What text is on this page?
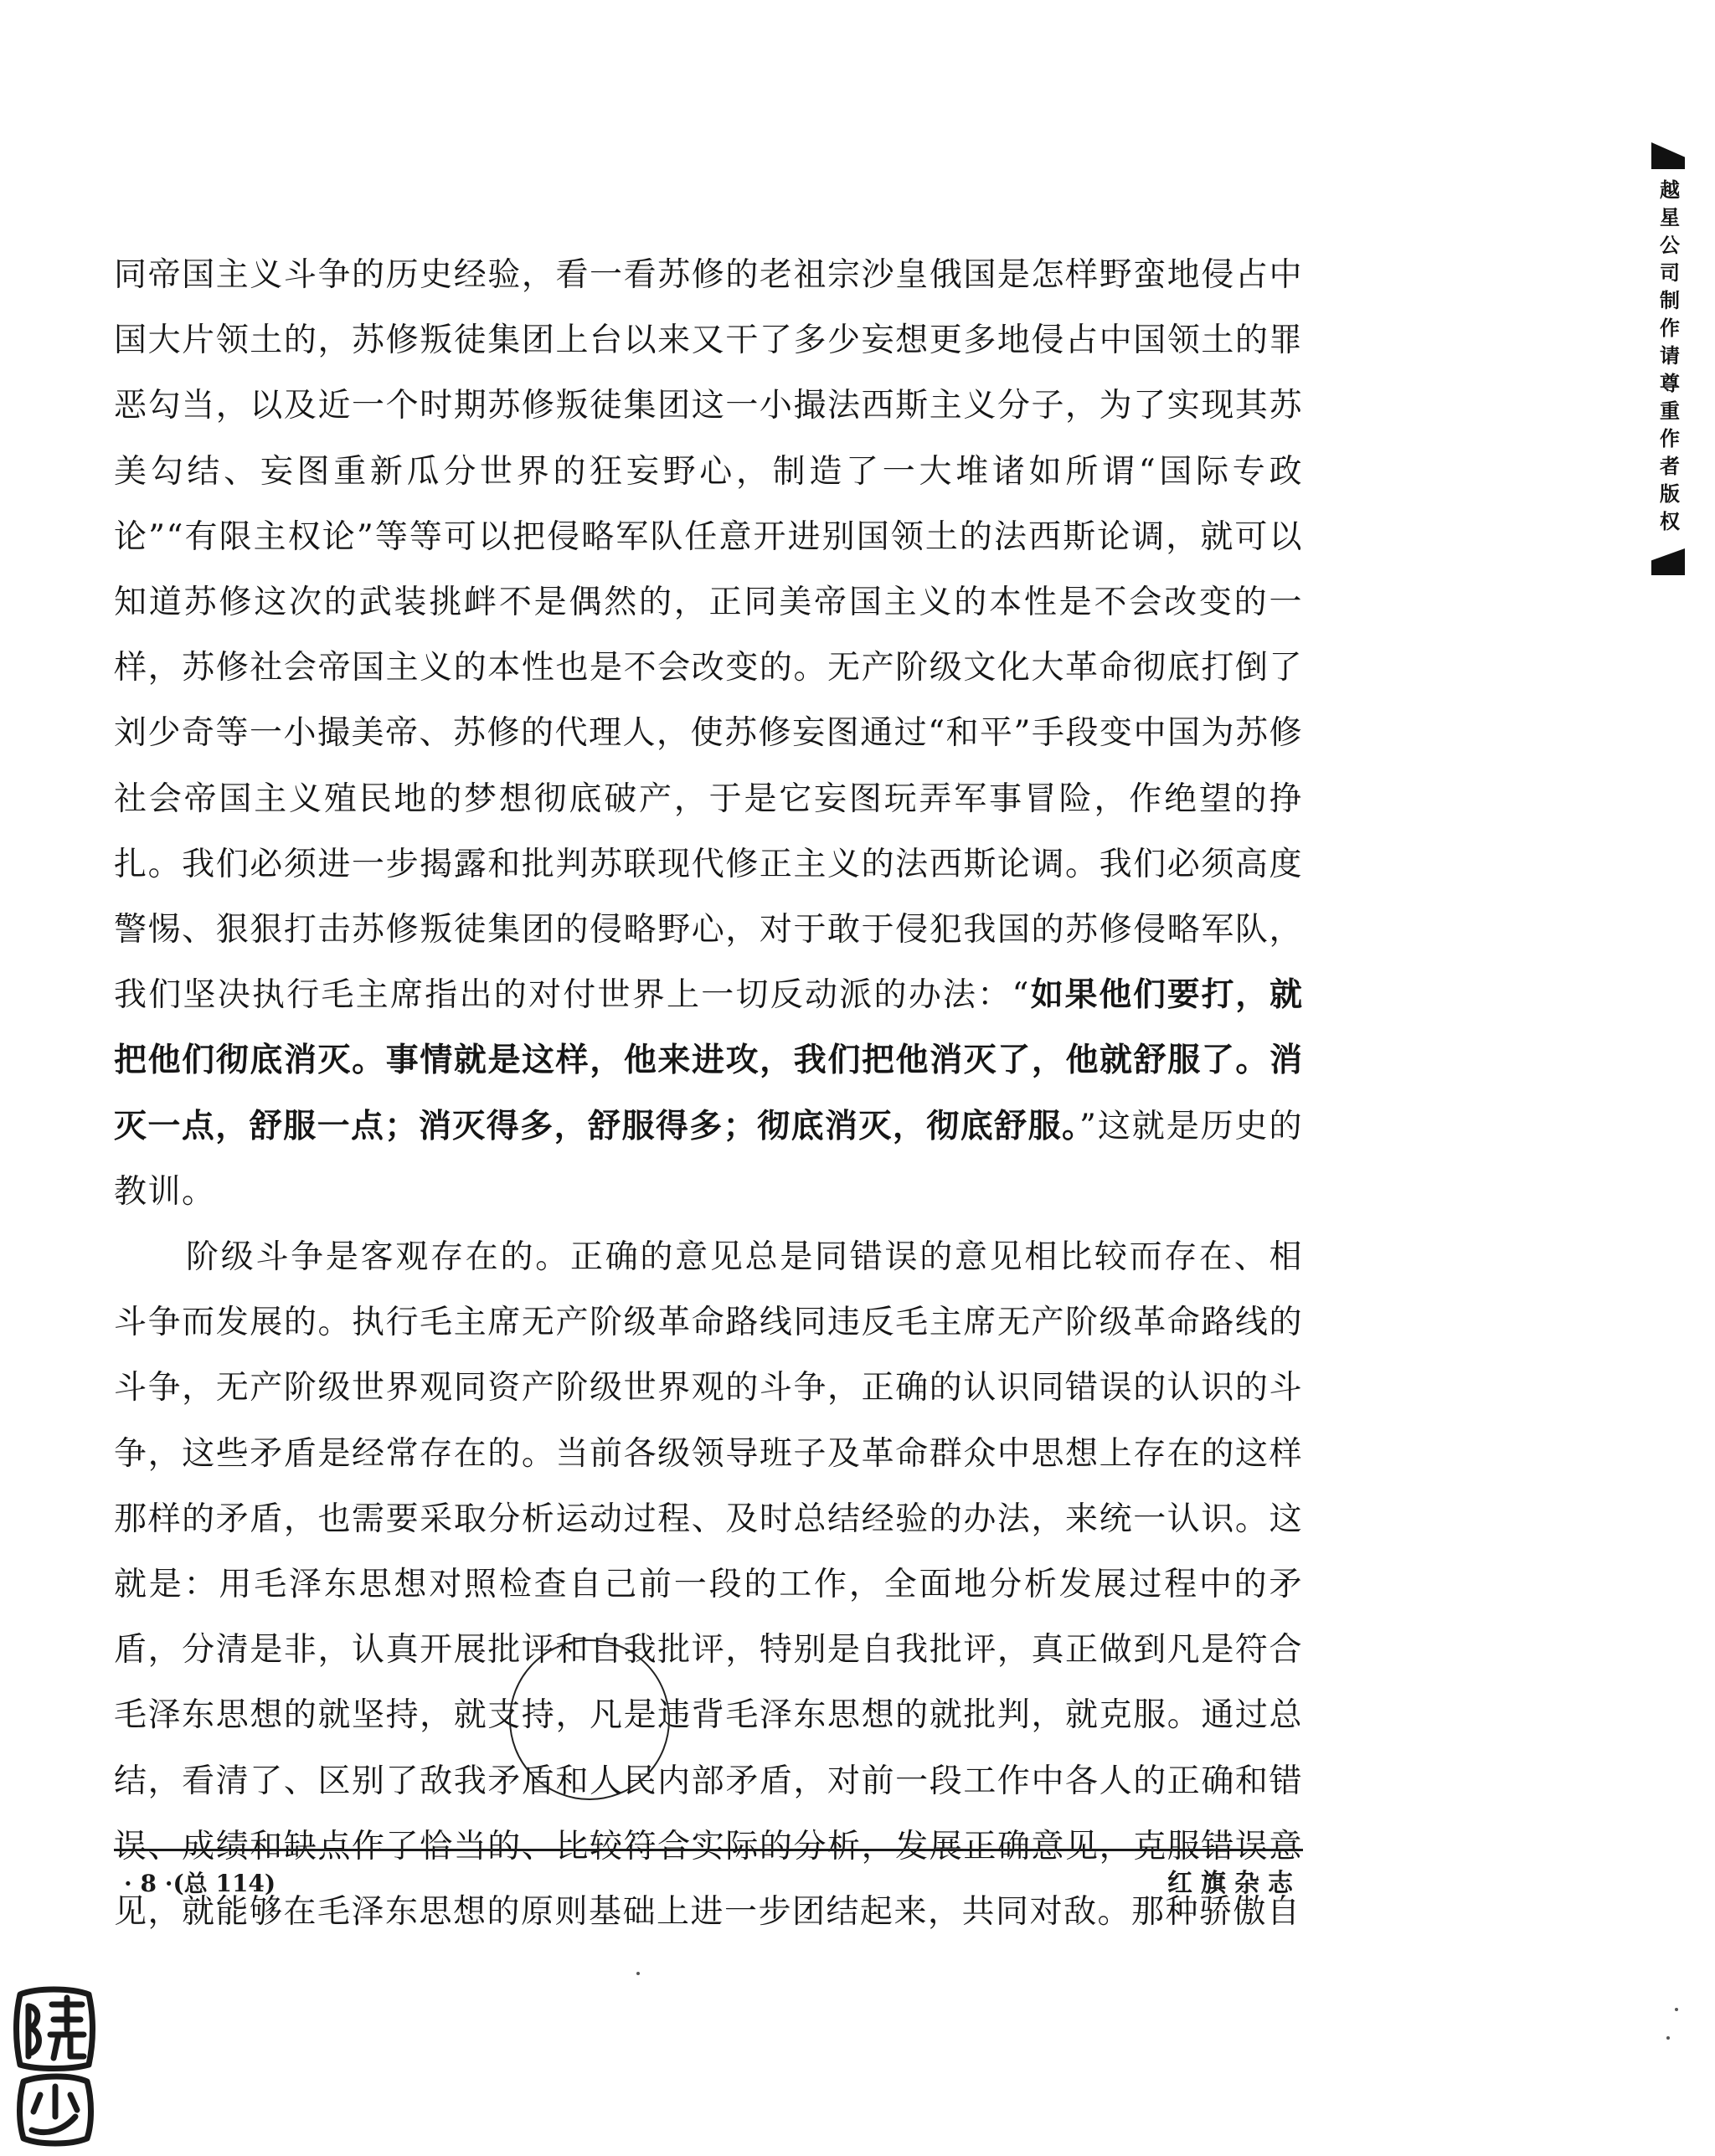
越星公司制作请尊重作者版权

同帝国主义斗争的历史经验，看一看苏修的老祖宗沙皇俄国是怎样野蛮地侵占中国大片领土的，苏修叛徒集团上台以来又干了多少妄想更多地侵占中国领土的罪恶勾当，以及近一个时期苏修叛徒集团这一小撮法西斯主义分子，为了实现其苏美勾结、妄图重新瓜分世界的狂妄野心，制造了一大堆诸如所谓“国际专政论”“有限主权论”等等可以把侵略军队任意开进别国领土的法西斯论调，就可以知道苏修这次的武装挑衅不是偶然的，正同美帝国主义的本性是不会改变的一样，苏修社会帝国主义的本性也是不会改变的。无产阶级文化大革命彻底打倒了刘少奇等一小撮美帝、苏修的代理人，使苏修妄图通过“和平”手段变中国为苏修社会帝国主义殖民地的梦想彻底破产，于是它妄图玩弄军事冒险，作绝望的挣扎。我们必须进一步揭露和批判苏联现代修正主义的法西斯论调。我们必须高度警惕、狠狠打击苏修叛徒集团的侵略野心，对于敢于侵犯我国的苏修侵略军队，我们坚决执行毛主席指出的对付世界上一切反动派的办法：“如果他们要打，就把他们彻底消灭。事情就是这样，他来进攻，我们把他消灭了，他就舒服了。消灭一点，舒服一点；消灭得多，舒服得多；彻底消灭，彻底舒服。”这就是历史的教训。

阶级斗争是客观存在的。正确的意见总是同错误的意见相比较而存在、相斗争而发展的。执行毛主席无产阶级革命路线同违反毛主席无产阶级革命路线的斗争，无产阶级世界观同资产阶级世界观的斗争，正确的认识同错误的认识的斗争，这些矛盾是经常存在的。当前各级领导班子及革命群众中思想上存在的这样那样的矛盾，也需要采取分析运动过程、及时总结经验的办法，来统一认识。这就是：用毛泽东思想对照检查自己前一段的工作，全面地分析发展过程中的矛盾，分清是非，认真开展批评和自我批评，特别是自我批评，真正做到凡是符合毛泽东思想的就坚持，就支持，凡是违背毛泽东思想的就批判，就克服。通过总结，看清了、区别了敌我矛盾和人民内部矛盾，对前一段工作中各人的正确和错误、成绩和缺点作了恰当的、比较符合实际的分析，发展正确意见，克服错误意见，就能够在毛泽东思想的原则基础上进一步团结起来，共同对敌。那种骄傲自

· 8 ·(总 114)	红旗杂志
